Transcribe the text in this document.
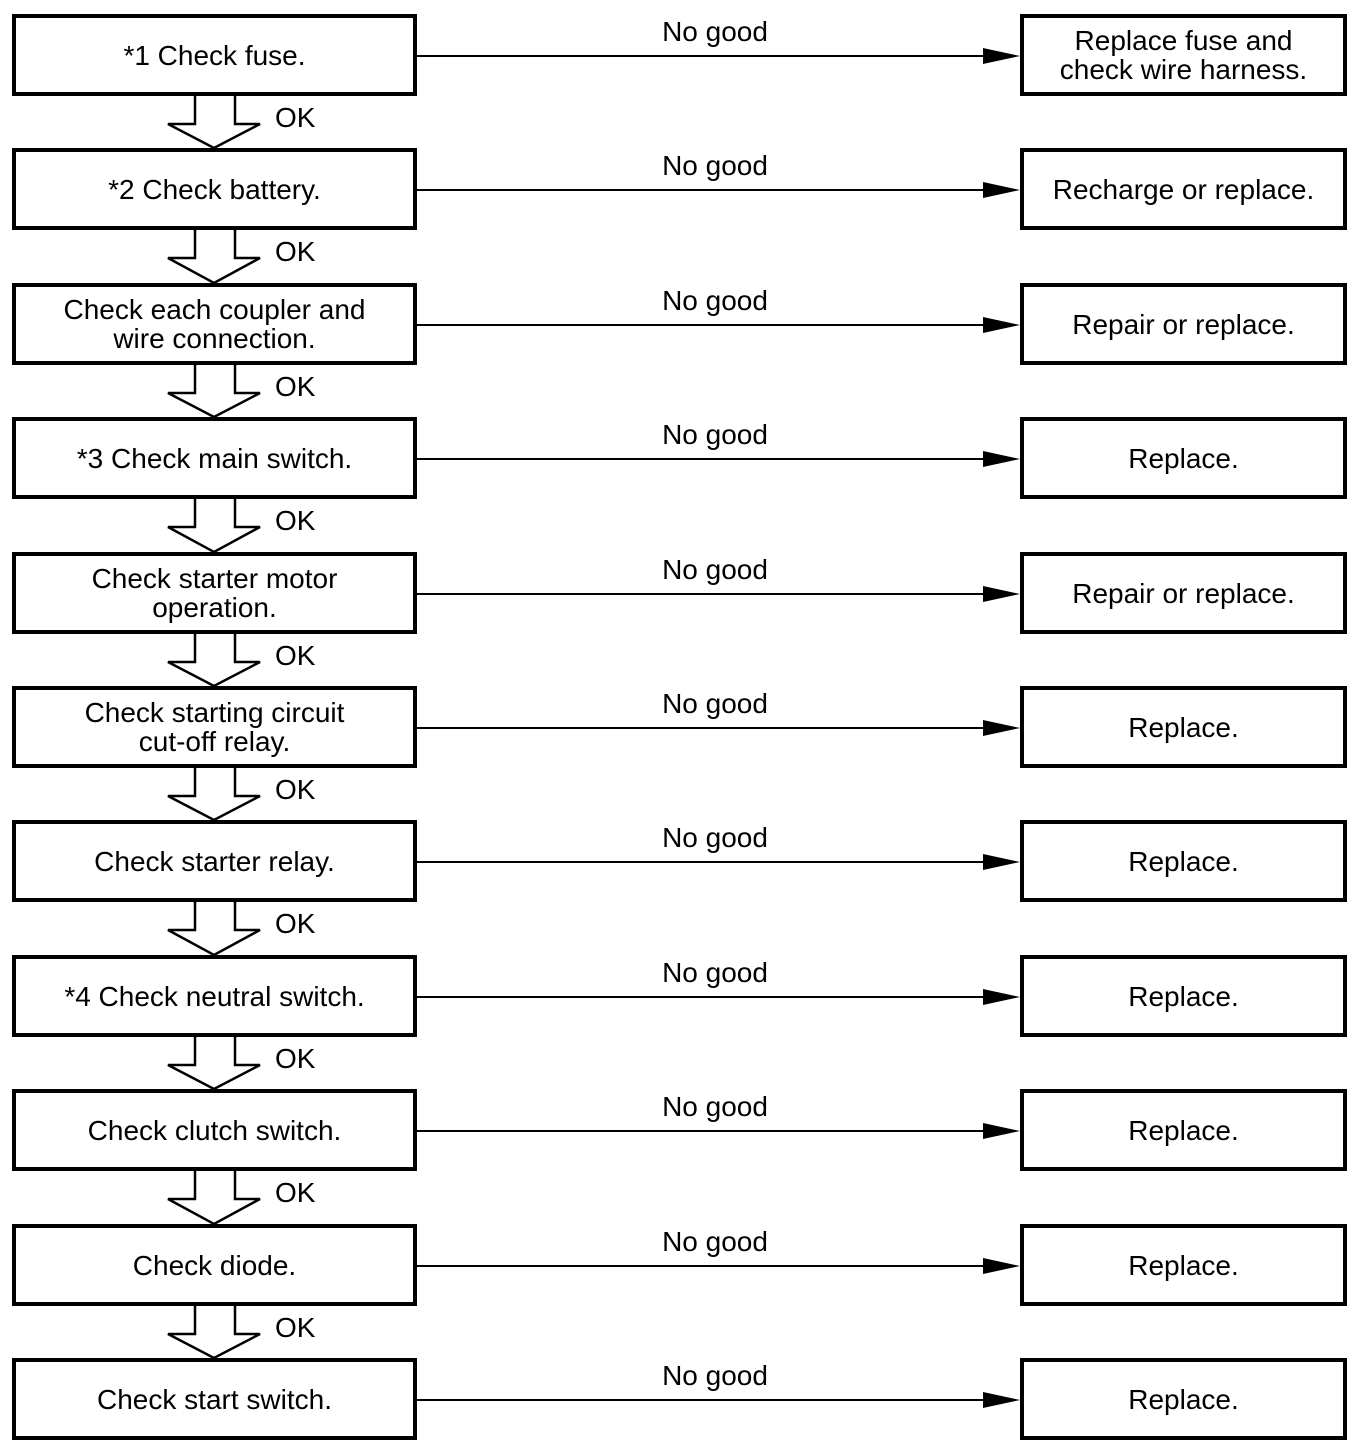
*1 Check fuse.	Replace fuse and
check wire harness.
No good
OK
*2 Check battery.	Recharge or replace.
No good
OK
Check each coupler and
wire connection.	Repair or replace.
No good
OK
*3 Check main switch.	Replace.
No good
OK
Check starter motor
operation.	Repair or replace.
No good
OK
Check starting circuit
cut-off relay.	Replace.
No good
OK
Check starter relay.	Replace.
No good
OK
*4 Check neutral switch.	Replace.
No good
OK
Check clutch switch.	Replace.
No good
OK
Check diode.	Replace.
No good
OK
Check start switch.	Replace.
No good
